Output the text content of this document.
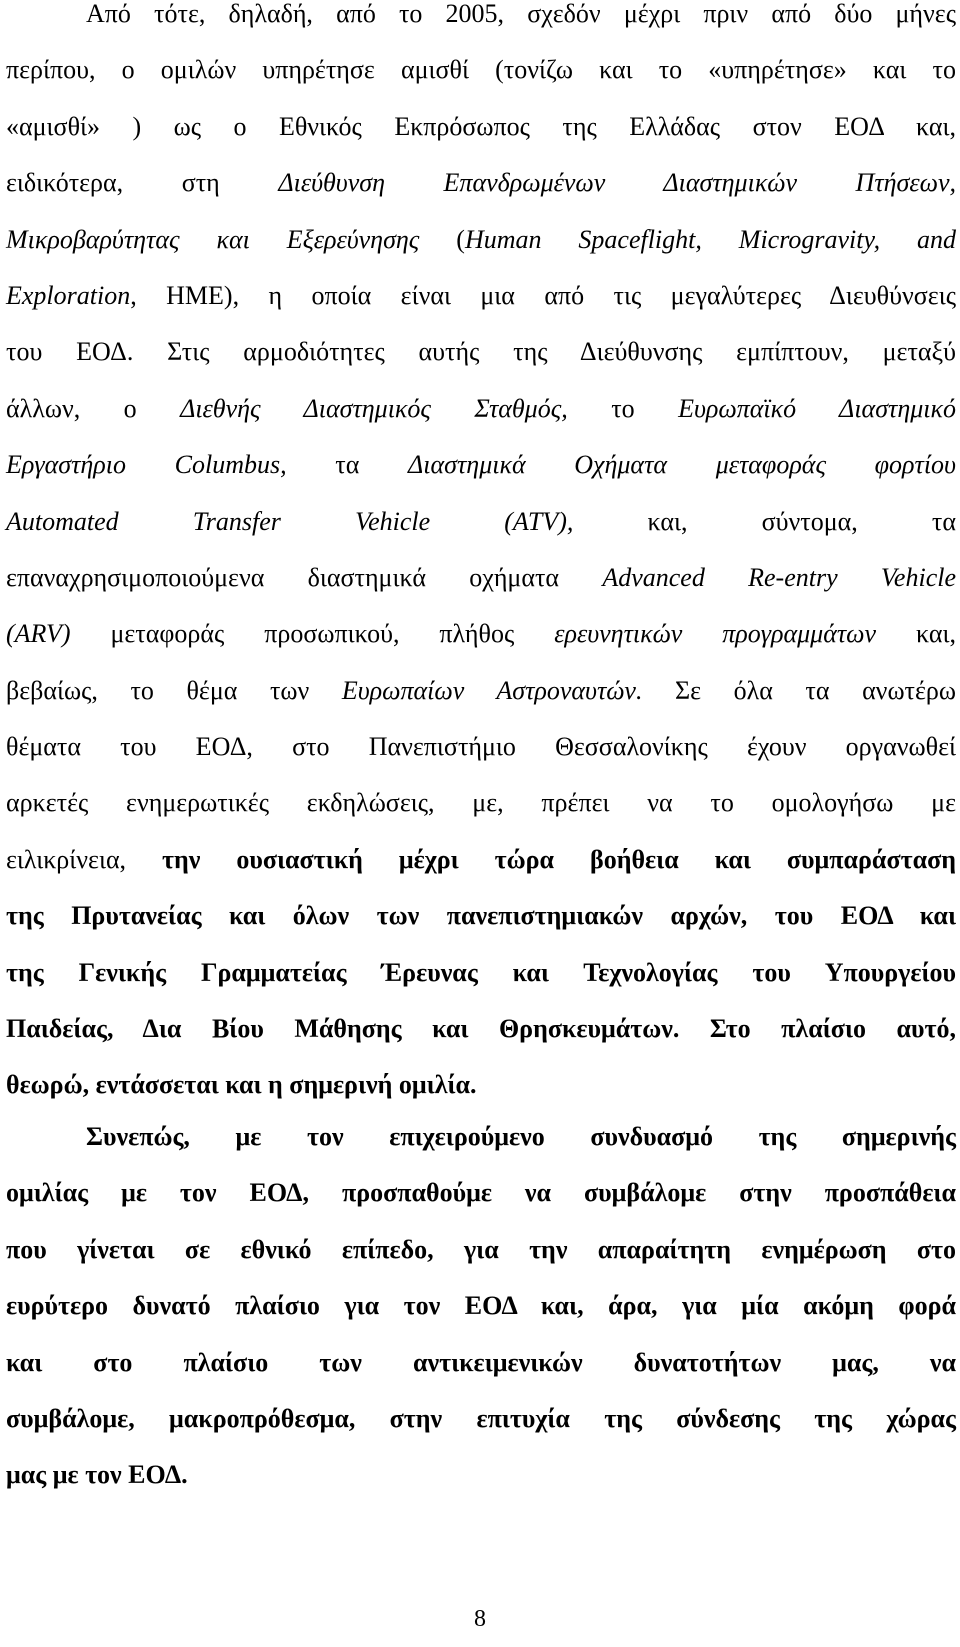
Από τότε, δηλαδή, από το 2005, σχεδόν μέχρι πριν από δύο μήνες
περίπου, ο ομιλών υπηρέτησε αμισθί (τονίζω και το «υπηρέτησε» και το
«αμισθί» ) ως ο Εθνικός Εκπρόσωπος της Ελλάδας στον ΕΟΔ και,
ειδικότερα, στη Διεύθυνση Επανδρωμένων Διαστημικών Πτήσεων,
Μικροβαρύτητας και Εξερεύνησης (Human Spaceflight, Microgravity, and
Exploration, HME), η οποία είναι μια από τις μεγαλύτερες Διευθύνσεις
του ΕΟΔ. Στις αρμοδιότητες αυτής της Διεύθυνσης εμπίπτουν, μεταξύ
άλλων, ο Διεθνής Διαστημικός Σταθμός, το Ευρωπαϊκό Διαστημικό
Εργαστήριο Columbus, τα Διαστημικά Οχήματα μεταφοράς φορτίου
Automated Transfer Vehicle (ATV), και, σύντομα, τα
επαναχρησιμοποιούμενα διαστημικά οχήματα Advanced Re-entry Vehicle
(ARV) μεταφοράς προσωπικού, πλήθος ερευνητικών προγραμμάτων και,
βεβαίως, το θέμα των Ευρωπαίων Αστροναυτών. Σε όλα τα ανωτέρω
θέματα του ΕΟΔ, στο Πανεπιστήμιο Θεσσαλονίκης έχουν οργανωθεί
αρκετές ενημερωτικές εκδηλώσεις, με, πρέπει να το ομολογήσω με
ειλικρίνεια, την ουσιαστική μέχρι τώρα βοήθεια και συμπαράσταση
της Πρυτανείας και όλων των πανεπιστημιακών αρχών, του ΕΟΔ και
της Γενικής Γραμματείας Έρευνας και Τεχνολογίας του Υπουργείου
Παιδείας, Δια Βίου Μάθησης και Θρησκευμάτων. Στο πλαίσιο αυτό,
θεωρώ, εντάσσεται και η σημερινή ομιλία.
Συνεπώς, με τον επιχειρούμενο συνδυασμό της σημερινής
ομιλίας με τον ΕΟΔ, προσπαθούμε να συμβάλομε στην προσπάθεια
που γίνεται σε εθνικό επίπεδο, για την απαραίτητη ενημέρωση στο
ευρύτερο δυνατό πλαίσιο για τον ΕΟΔ και, άρα, για μία ακόμη φορά
και στο πλαίσιο των αντικειμενικών δυνατοτήτων μας, να
συμβάλομε, μακροπρόθεσμα, στην επιτυχία της σύνδεσης της χώρας
μας με τον ΕΟΔ.
8
